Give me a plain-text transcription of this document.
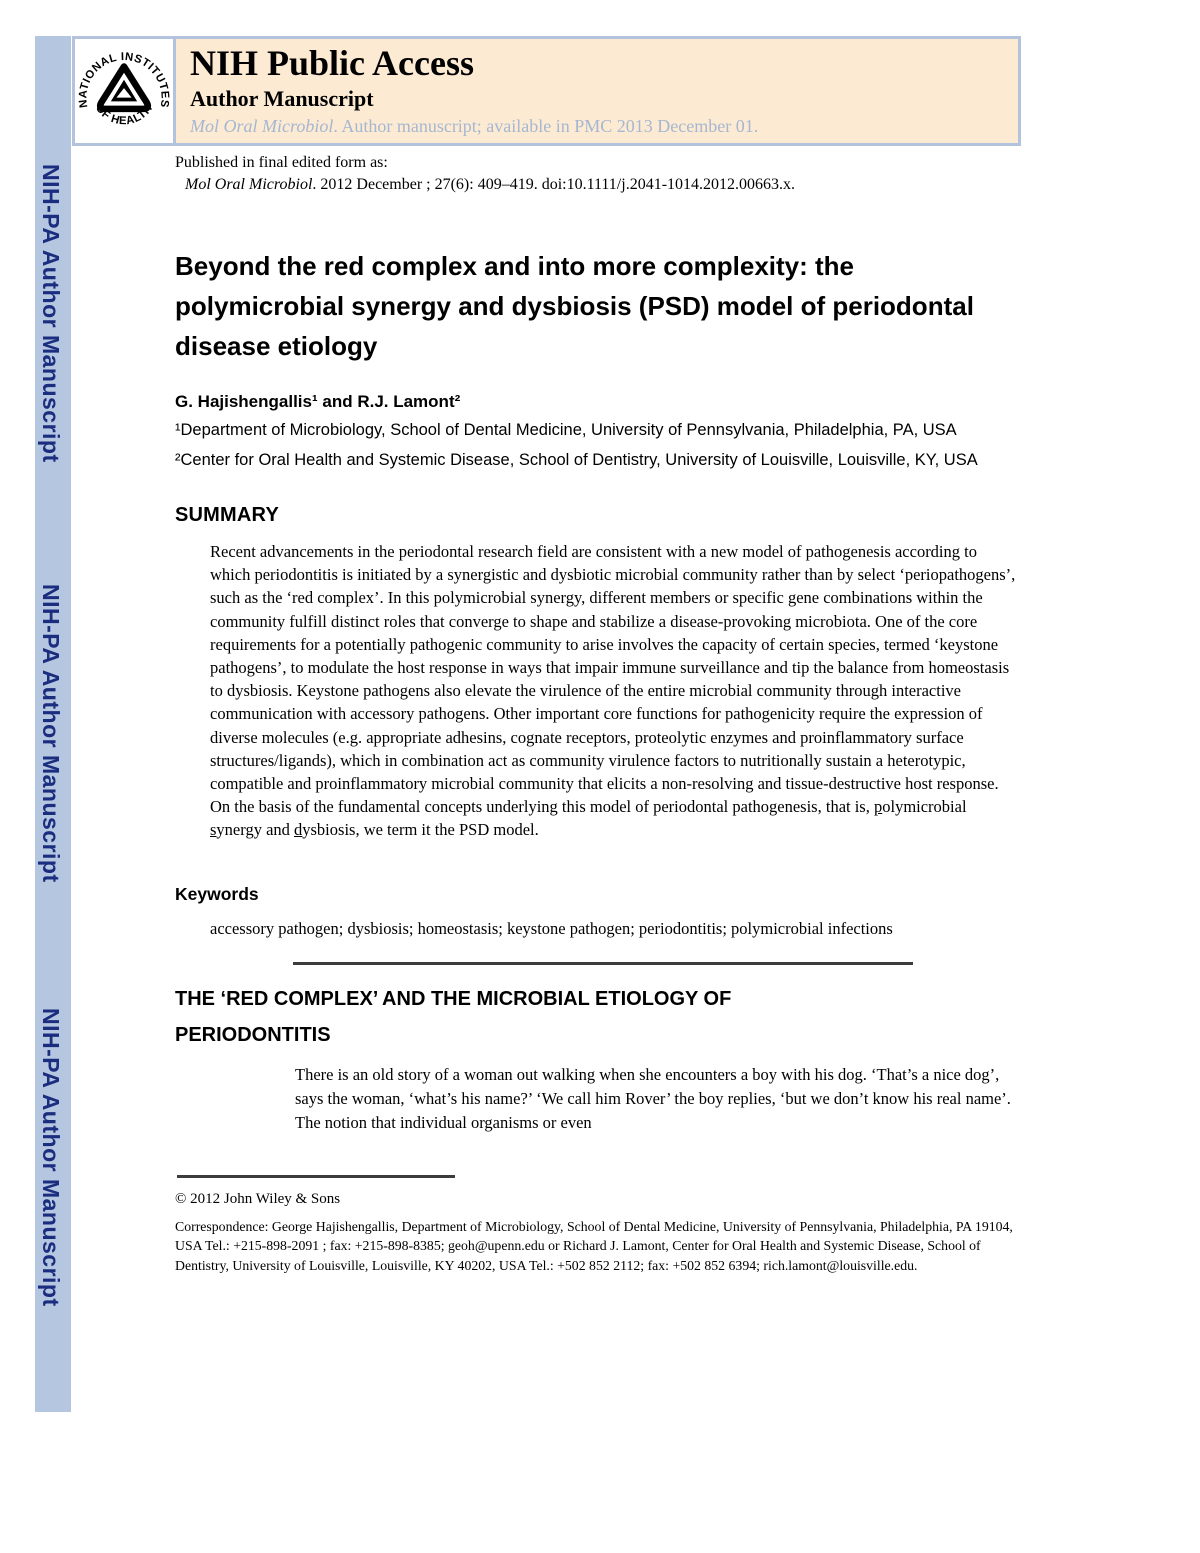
NIH-PA Author Manuscript
NIH-PA Author Manuscript
NIH-PA Author Manuscript
NATIONAL INSTITUTES
OF HEALTH
NIH Public Access
Author Manuscript
Mol Oral Microbiol. Author manuscript; available in PMC 2013 December 01.
Published in final edited form as:
Mol Oral Microbiol. 2012 December ; 27(6): 409–419. doi:10.1111/j.2041-1014.2012.00663.x.
Beyond the red complex and into more complexity: the
polymicrobial synergy and dysbiosis (PSD) model of periodontal
disease etiology
G. Hajishengallis¹ and R.J. Lamont²
¹Department of Microbiology, School of Dental Medicine, University of Pennsylvania, Philadelphia, PA, USA
²Center for Oral Health and Systemic Disease, School of Dentistry, University of Louisville, Louisville, KY, USA
SUMMARY

Recent advancements in the periodontal research field are consistent with a new model of pathogenesis according to which periodontitis is initiated by a synergistic and dysbiotic microbial community rather than by select ‘periopathogens’, such as the ‘red complex’. In this polymicrobial synergy, different members or specific gene combinations within the community fulfill distinct roles that converge to shape and stabilize a disease-provoking microbiota. One of the core requirements for a potentially pathogenic community to arise involves the capacity of certain species, termed ‘keystone pathogens’, to modulate the host response in ways that impair immune surveillance and tip the balance from homeostasis to dysbiosis. Keystone pathogens also elevate the virulence of the entire microbial community through interactive communication with accessory pathogens. Other important core functions for pathogenicity require the expression of diverse molecules (e.g. appropriate adhesins, cognate receptors, proteolytic enzymes and proinflammatory surface structures/ligands), which in combination act as community virulence factors to nutritionally sustain a heterotypic, compatible and proinflammatory microbial community that elicits a non-resolving and tissue-destructive host response. On the basis of the fundamental concepts underlying this model of periodontal pathogenesis, that is, polymicrobial synergy and dysbiosis, we term it the PSD model.

Keywords

accessory pathogen; dysbiosis; homeostasis; keystone pathogen; periodontitis; polymicrobial infections

THE ‘RED COMPLEX’ AND THE MICROBIAL ETIOLOGY OF
PERIODONTITIS

There is an old story of a woman out walking when she encounters a boy with his dog. ‘That’s a nice dog’, says the woman, ‘what’s his name?’ ‘We call him Rover’ the boy replies, ‘but we don’t know his real name’. The notion that individual organisms or even

© 2012 John Wiley & Sons
Correspondence: George Hajishengallis, Department of Microbiology, School of Dental Medicine, University of Pennsylvania, Philadelphia, PA 19104, USA Tel.: +215-898-2091 ; fax: +215-898-8385; geoh@upenn.edu or Richard J. Lamont, Center for Oral Health and Systemic Disease, School of Dentistry, University of Louisville, Louisville, KY 40202, USA Tel.: +502 852 2112; fax: +502 852 6394; rich.lamont@louisville.edu.
